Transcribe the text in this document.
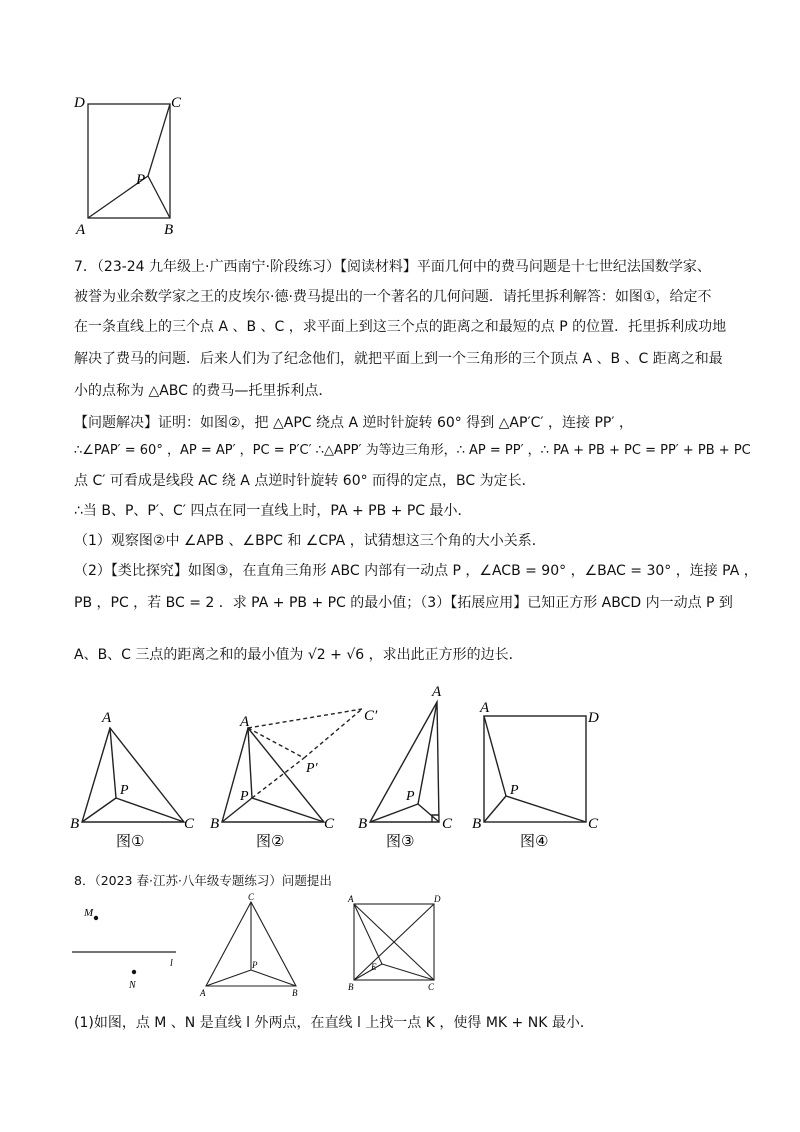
D	C
P
A	B
7．（23-24 九年级上·广西南宁·阶段练习）【阅读材料】平面几何中的费马问题是十七世纪法国数学家、
被誉为业余数学家之王的皮埃尔·德·费马提出的一个著名的几何问题．请托里拆利解答：如图①，给定不
在一条直线上的三个点 A 、B 、C ，求平面上到这三个点的距离之和最短的点 P 的位置．托里拆利成功地
解决了费马的问题．后来人们为了纪念他们，就把平面上到一个三角形的三个顶点 A 、B 、C 距离之和最
小的点称为 △ABC 的费马—托里拆利点．
【问题解决】证明：如图②，把 △APC 绕点 A 逆时针旋转 60° 得到 △AP′C′ ，连接 PP′ ，
∴∠PAP′ = 60° ，AP = AP′ ，PC = P′C′ ∴△APP′ 为等边三角形，∴ AP = PP′ ，∴ PA + PB + PC = PP′ + PB + PC
点 C′ 可看成是线段 AC 绕 A 点逆时针旋转 60° 而得的定点，BC 为定长．
∴当 B、P、P′、C′ 四点在同一直线上时，PA + PB + PC 最小．
（1）观察图②中 ∠APB 、∠BPC 和 ∠CPA ，试猜想这三个角的大小关系．
（2）【类比探究】如图③，在直角三角形 ABC 内部有一动点 P ，∠ACB = 90° ，∠BAC = 30° ，连接 PA ，
PB ，PC ，若 BC = 2 ．求 PA + PB + PC 的最小值；（3）【拓展应用】已知正方形 ABCD 内一动点 P 到
A、B、C 三点的距离之和的最小值为 √2 + √6 ，求出此正方形的边长．
A
B	C
P
图①
A
B	C
P
P′
C′
图②
A
B	C
P
图③
A
D
B	C
P
图④
8．（2023 春·江苏·八年级专题练习）问题提出
M
N
l
C
A	B
P
A	D
B	C
E
(1)如图，点 M 、N 是直线 l 外两点，在直线 l 上找一点 K ，使得 MK + NK 最小．
